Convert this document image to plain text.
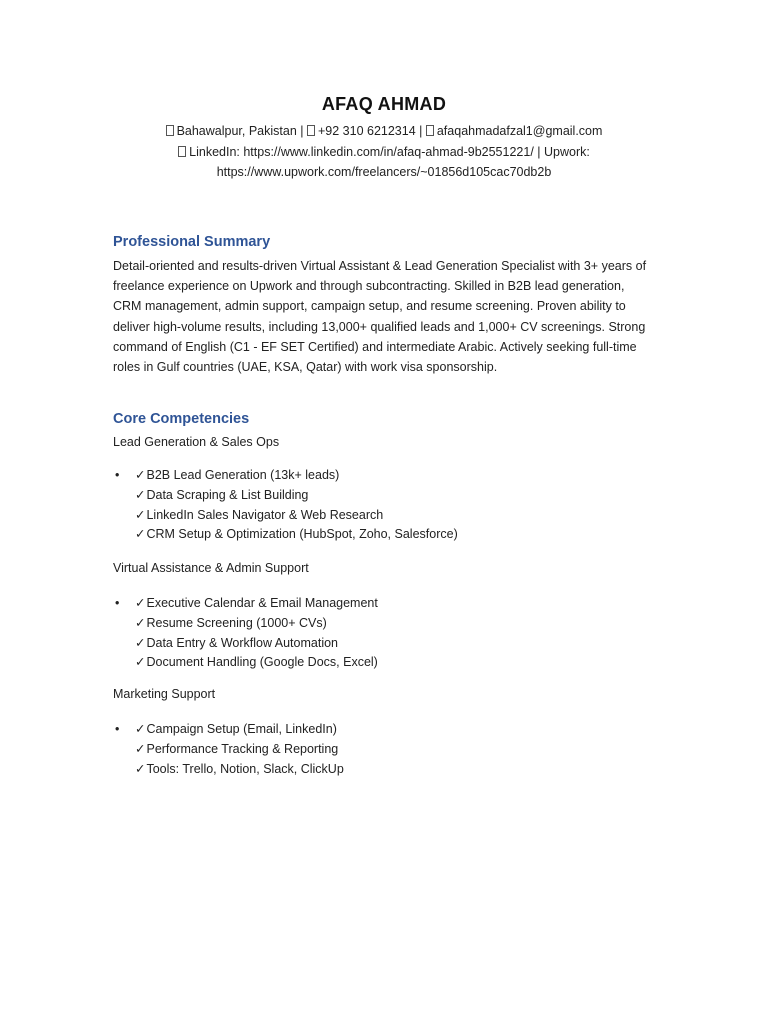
AFAQ AHMAD
Bahawalpur, Pakistan | +92 310 6212314 | afaqahmadafzal1@gmail.com
LinkedIn: https://www.linkedin.com/in/afaq-ahmad-9b2551221/ | Upwork:
https://www.upwork.com/freelancers/~01856d105cac70db2b
Professional Summary
Detail-oriented and results-driven Virtual Assistant & Lead Generation Specialist with 3+ years of
freelance experience on Upwork and through subcontracting. Skilled in B2B lead generation,
CRM management, admin support, campaign setup, and resume screening. Proven ability to
deliver high-volume results, including 13,000+ qualified leads and 1,000+ CV screenings. Strong
command of English (C1 - EF SET Certified) and intermediate Arabic. Actively seeking full-time
roles in Gulf countries (UAE, KSA, Qatar) with work visa sponsorship.
Core Competencies
Lead Generation & Sales Ops
• ✓B2B Lead Generation (13k+ leads)
✓Data Scraping & List Building
✓LinkedIn Sales Navigator & Web Research
✓CRM Setup & Optimization (HubSpot, Zoho, Salesforce)
Virtual Assistance & Admin Support
• ✓Executive Calendar & Email Management
✓Resume Screening (1000+ CVs)
✓Data Entry & Workflow Automation
✓Document Handling (Google Docs, Excel)
Marketing Support
• ✓Campaign Setup (Email, LinkedIn)
✓Performance Tracking & Reporting
✓Tools: Trello, Notion, Slack, ClickUp
